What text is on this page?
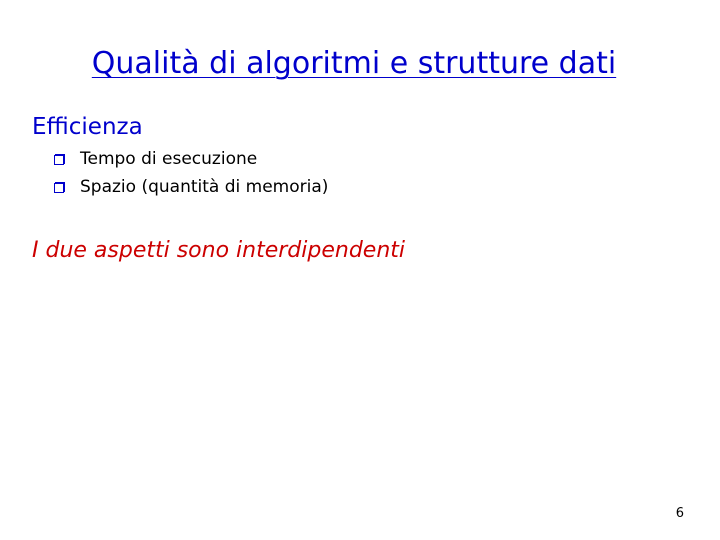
Qualità di algoritmi e strutture dati
Efficienza
Tempo di esecuzione
Spazio (quantità di memoria)
I due aspetti sono interdipendenti
6
